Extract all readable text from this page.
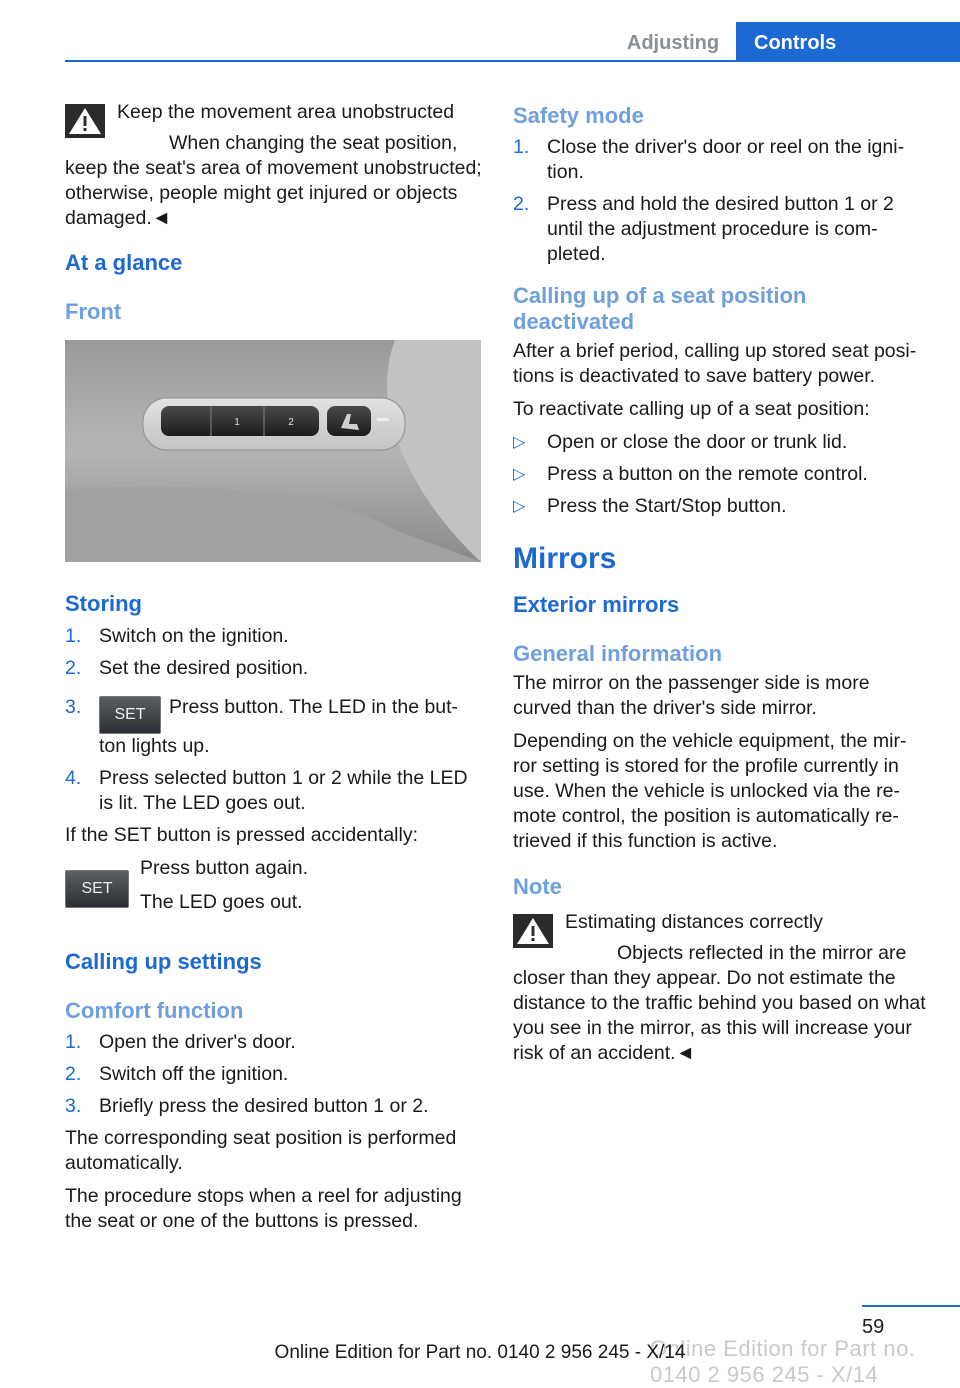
Adjusting	Controls

Keep the movement area unobstructed

When changing the seat position, keep the seat's area of movement unobstructed; otherwise, people might get injured or objects damaged.◄

At a glance
Front
1	2
Storing
1. Switch on the ignition.
2. Set the desired position.
3. SET Press button. The LED in the but‐ton lights up.
4. Press selected button 1 or 2 while the LED is lit. The LED goes out.

If the SET button is pressed accidentally:

SET

Press button again.

The LED goes out.

Calling up settings
Comfort function
1. Open the driver's door.
2. Switch off the ignition.
3. Briefly press the desired button 1 or 2.

The corresponding seat position is performed automatically.

The procedure stops when a reel for adjusting the seat or one of the buttons is pressed.

Safety mode
1. Close the driver's door or reel on the igni‐tion.
2. Press and hold the desired button 1 or 2 until the adjustment procedure is com‐pleted.
Calling up of a seat position deactivated

After a brief period, calling up stored seat posi‐tions is deactivated to save battery power.

To reactivate calling up of a seat position:

▷ Open or close the door or trunk lid.
▷ Press a button on the remote control.
▷ Press the Start/Stop button.
Mirrors
Exterior mirrors
General information

The mirror on the passenger side is more curved than the driver's side mirror.

Depending on the vehicle equipment, the mir‐ror setting is stored for the profile currently in use. When the vehicle is unlocked via the re‐mote control, the position is automatically re‐trieved if this function is active.

Note

Estimating distances correctly

Objects reflected in the mirror are closer than they appear. Do not estimate the distance to the traffic behind you based on what you see in the mirror, as this will increase your risk of an accident.◄

59
Online Edition for Part no. 0140 2 956 245 - X/14
Online Edition for Part no. 0140 2 956 245 - X/14
